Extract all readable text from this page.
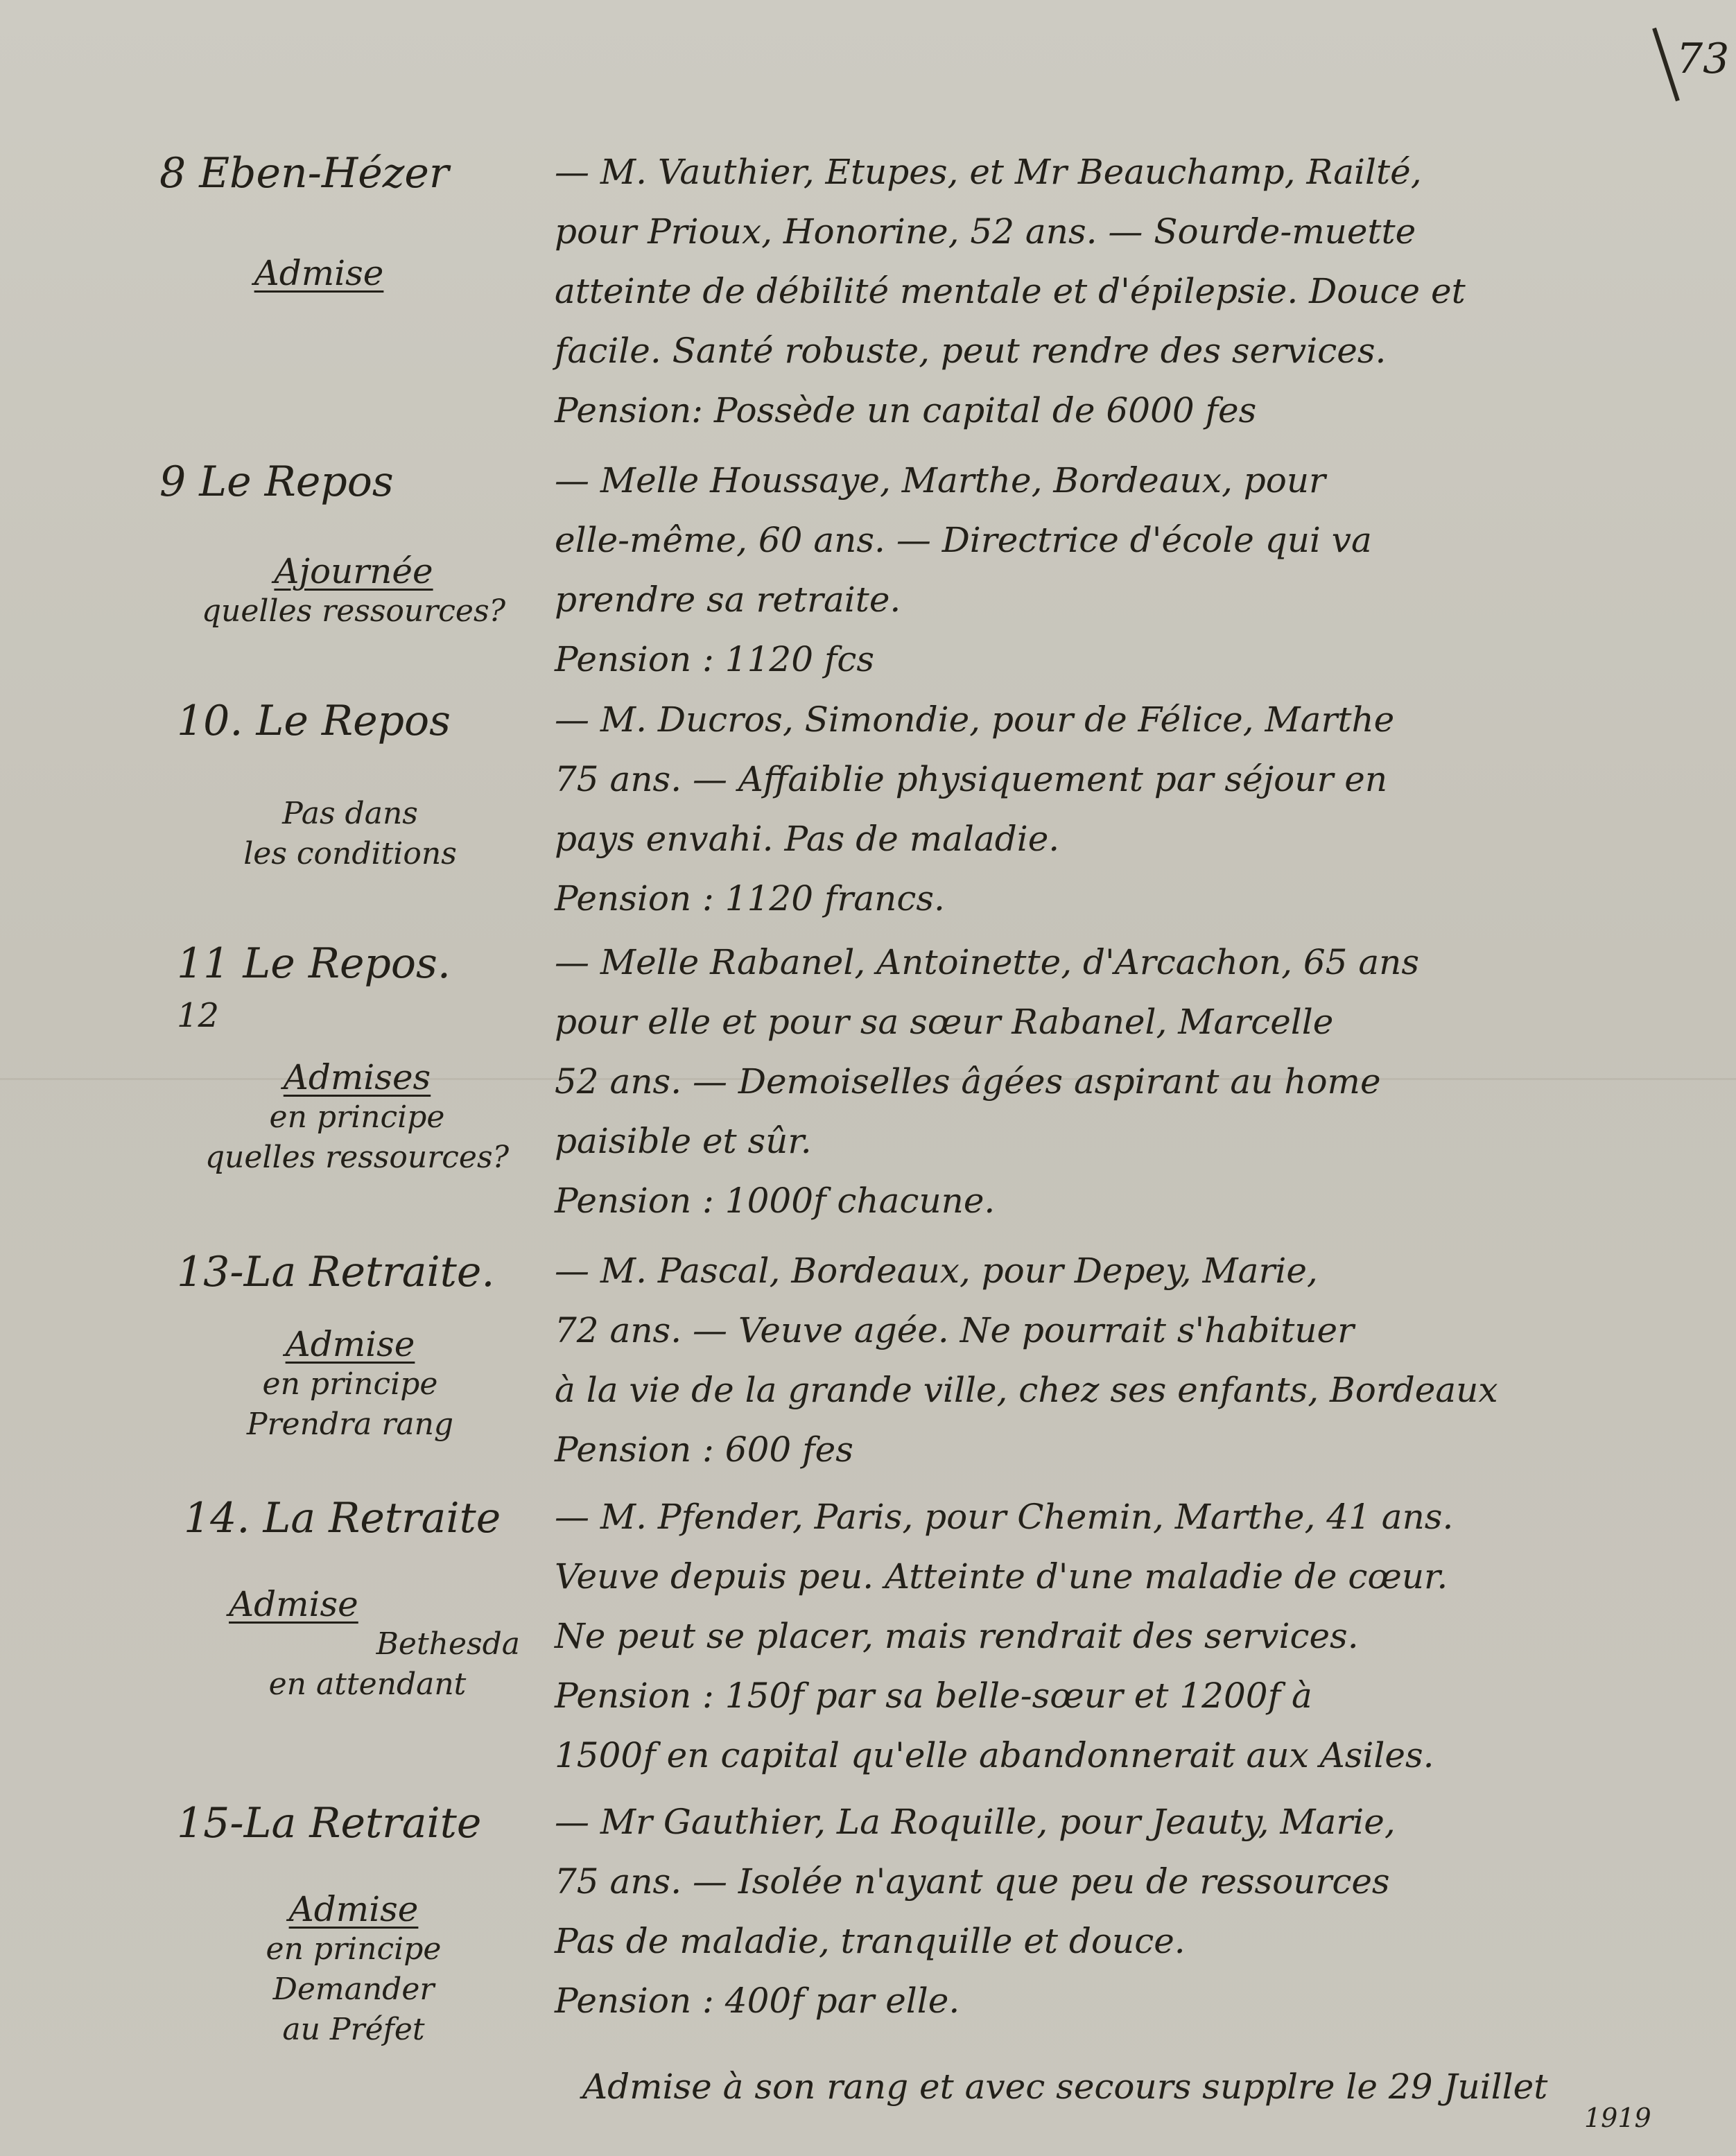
73
8 Eben-Hézer
Admise
— M. Vauthier, Etupes, et Mr Beauchamp, Railté,
pour Prioux, Honorine, 52 ans. — Sourde-muette
atteinte de débilité mentale et d'épilepsie. Douce et
facile. Santé robuste, peut rendre des services.
Pension: Possède un capital de 6000 fes
9 Le Repos
Ajournée
quelles ressources?
— Melle Houssaye, Marthe, Bordeaux, pour
elle-même, 60 ans. — Directrice d'école qui va
prendre sa retraite.
Pension : 1120 fcs
10. Le Repos
Pas dans
les conditions
— M. Ducros, Simondie, pour de Félice, Marthe
75 ans. — Affaiblie physiquement par séjour en
pays envahi. Pas de maladie.
Pension : 1120 francs.
11 Le Repos.
12
Admises
en principe
quelles ressources?
— Melle Rabanel, Antoinette, d'Arcachon, 65 ans
pour elle et pour sa sœur Rabanel, Marcelle
52 ans. — Demoiselles âgées aspirant au home
paisible et sûr.
Pension : 1000f chacune.
13-La Retraite.
Admise
en principe
Prendra rang
— M. Pascal, Bordeaux, pour Depey, Marie,
72 ans. — Veuve agée. Ne pourrait s'habituer
à la vie de la grande ville, chez ses enfants, Bordeaux
Pension : 600 fes
14. La Retraite
Admise
Bethesda
en attendant
— M. Pfender, Paris, pour Chemin, Marthe, 41 ans.
Veuve depuis peu. Atteinte d'une maladie de cœur.
Ne peut se placer, mais rendrait des services.
Pension : 150f par sa belle-sœur et 1200f à
1500f en capital qu'elle abandonnerait aux Asiles.
15-La Retraite
Admise
en principe
Demander
au Préfet
— Mr Gauthier, La Roquille, pour Jeauty, Marie,
75 ans. — Isolée n'ayant que peu de ressources
Pas de maladie, tranquille et douce.
Pension : 400f par elle.
Admise à son rang et avec secours supplre le 29 Juillet
1919
